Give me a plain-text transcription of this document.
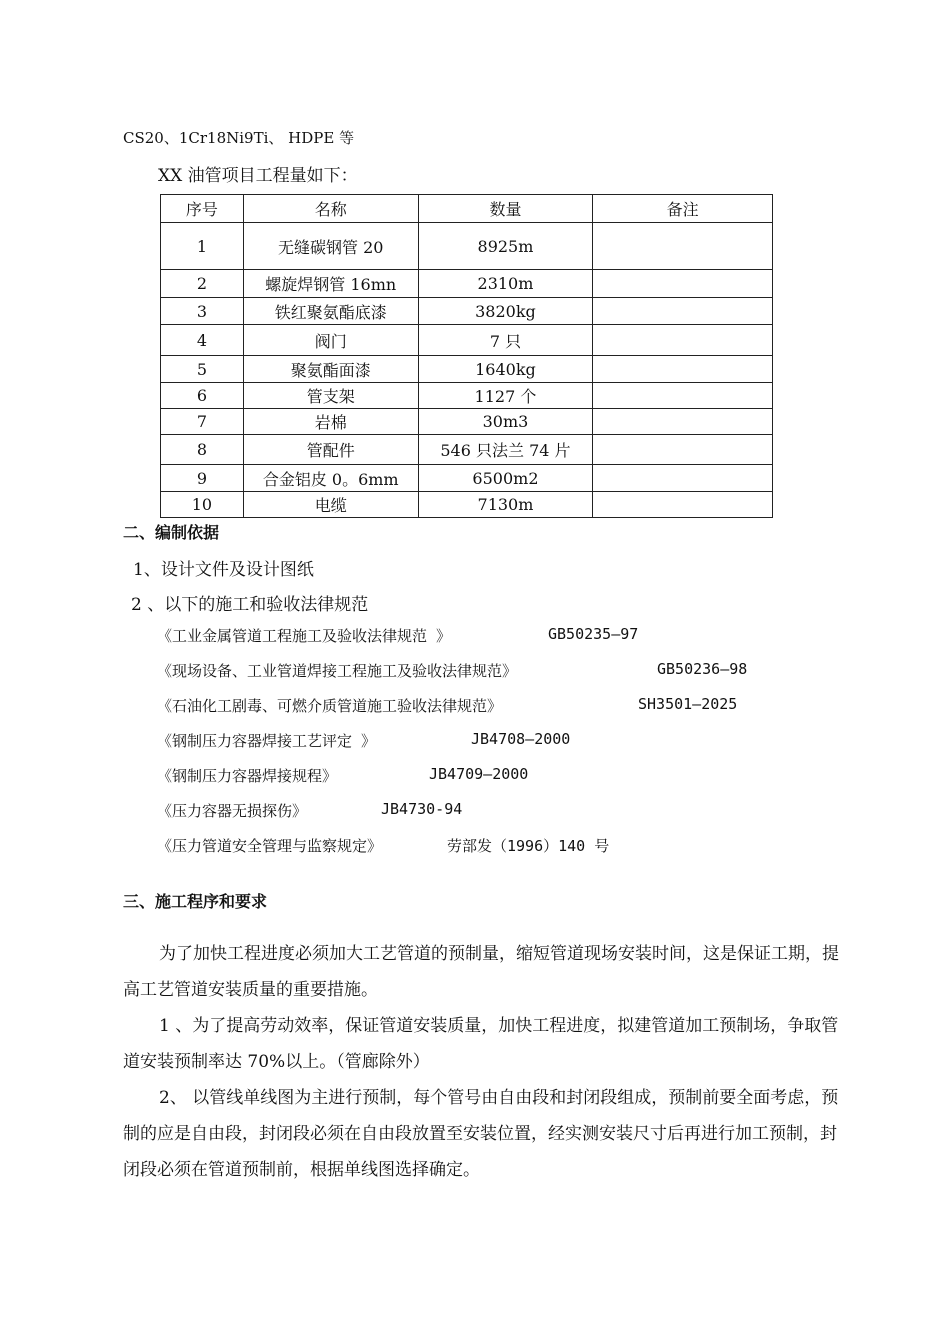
CS20、1Cr18Ni9Ti、 HDPE 等
XX 油管项目工程量如下：
序号	名称	数量	备注
1	无缝碳钢管 20	8925m	
2	螺旋焊钢管 16mn	2310m	
3	铁红聚氨酯底漆	3820kg	
4	阀门	7 只	
5	聚氨酯面漆	1640kg	
6	管支架	1127 个	
7	岩棉	30m3	
8	管配件	546 只法兰 74 片	
9	合金铝皮 0。6mm	6500m2	
10	电缆	7130m	
二、编制依据
1、设计文件及设计图纸
2 、以下的施工和验收法律规范
《工业金属管道工程施工及验收法律规范 》	GB50235—97
《现场设备、工业管道焊接工程施工及验收法律规范》	GB50236—98
《石油化工剧毒、可燃介质管道施工验收法律规范》	SH3501—2025
《钢制压力容器焊接工艺评定 》	JB4708—2000
《钢制压力容器焊接规程》	JB4709—2000
《压力容器无损探伤》	JB4730-94
《压力管道安全管理与监察规定》	劳部发（1996）140 号
三、施工程序和要求
为了加快工程进度必须加大工艺管道的预制量，缩短管道现场安装时间，这是保证工期，提高工艺管道安装质量的重要措施。
1 、为了提高劳动效率，保证管道安装质量，加快工程进度，拟建管道加工预制场，争取管道安装预制率达 70%以上。（管廊除外）
2、 以管线单线图为主进行预制，每个管号由自由段和封闭段组成，预制前要全面考虑，预制的应是自由段，封闭段必须在自由段放置至安装位置，经实测安装尺寸后再进行加工预制，封闭段必须在管道预制前，根据单线图选择确定。
